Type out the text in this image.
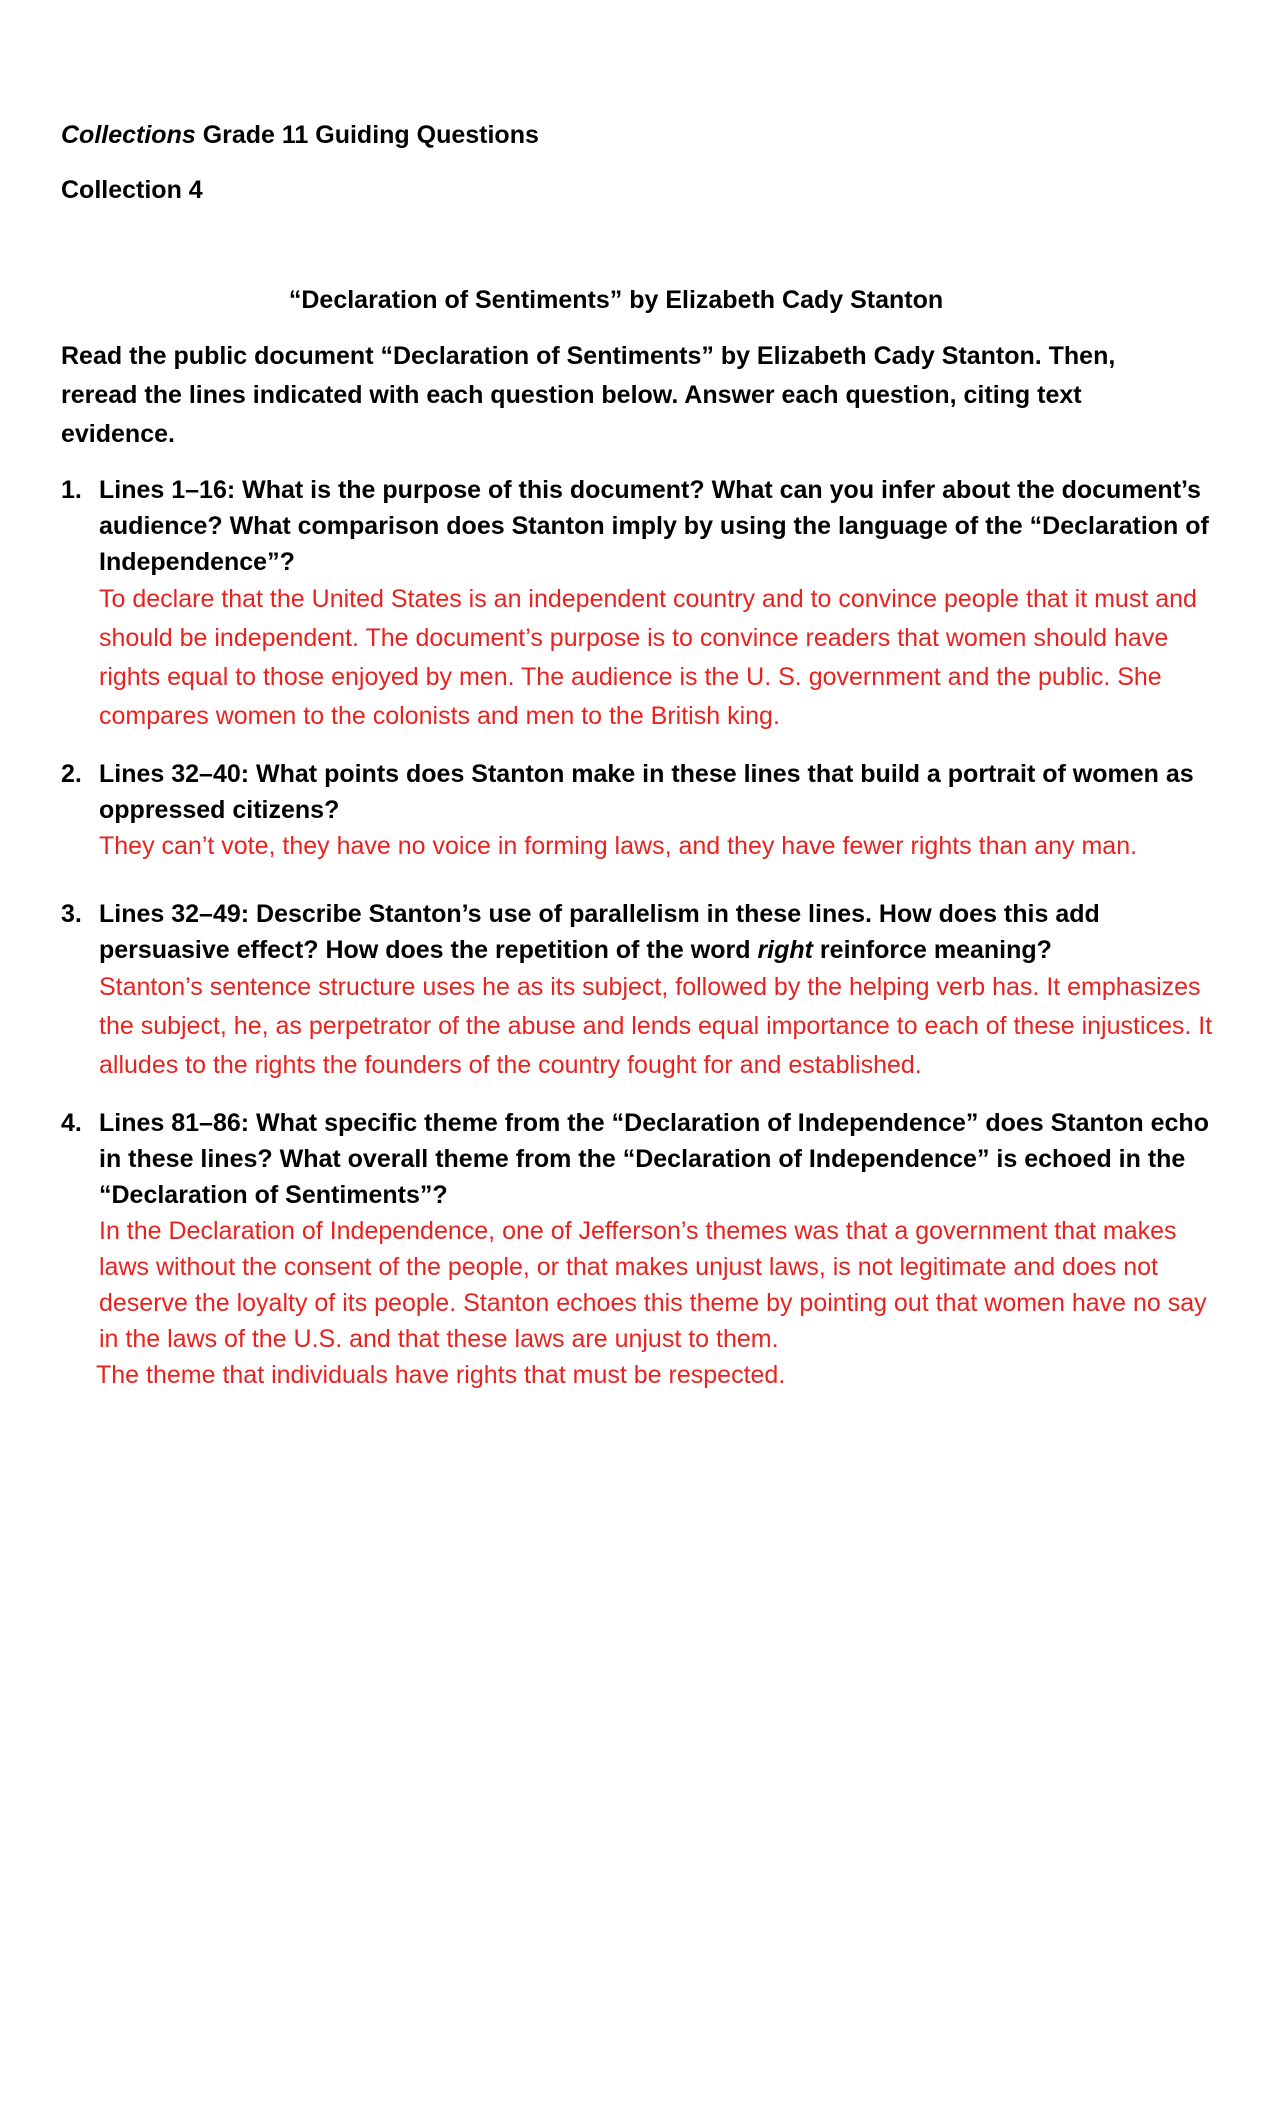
Collections Grade 11 Guiding Questions

Collection 4

“Declaration of Sentiments” by Elizabeth Cady Stanton

Read the public document “Declaration of Sentiments” by Elizabeth Cady Stanton. Then, reread the lines indicated with each question below. Answer each question, citing text evidence.

1. Lines 1–16: What is the purpose of this document? What can you infer about the document’s audience? What comparison does Stanton imply by using the language of the “Declaration of Independence”?

To declare that the United States is an independent country and to convince people that it must and should be independent. The document’s purpose is to convince readers that women should have rights equal to those enjoyed by men. The audience is the U. S. government and the public. She compares women to the colonists and men to the British king.

2. Lines 32–40: What points does Stanton make in these lines that build a portrait of women as oppressed citizens?

They can’t vote, they have no voice in forming laws, and they have fewer rights than any man.

3. Lines 32–49: Describe Stanton’s use of parallelism in these lines. How does this add persuasive effect? How does the repetition of the word right reinforce meaning?

Stanton’s sentence structure uses he as its subject, followed by the helping verb has. It emphasizes the subject, he, as perpetrator of the abuse and lends equal importance to each of these injustices. It alludes to the rights the founders of the country fought for and established.

4. Lines 81–86: What specific theme from the “Declaration of Independence” does Stanton echo in these lines? What overall theme from the “Declaration of Independence” is echoed in the “Declaration of Sentiments”?

In the Declaration of Independence, one of Jefferson’s themes was that a government that makes laws without the consent of the people, or that makes unjust laws, is not legitimate and does not deserve the loyalty of its people. Stanton echoes this theme by pointing out that women have no say in the laws of the U.S. and that these laws are unjust to them.

The theme that individuals have rights that must be respected.
